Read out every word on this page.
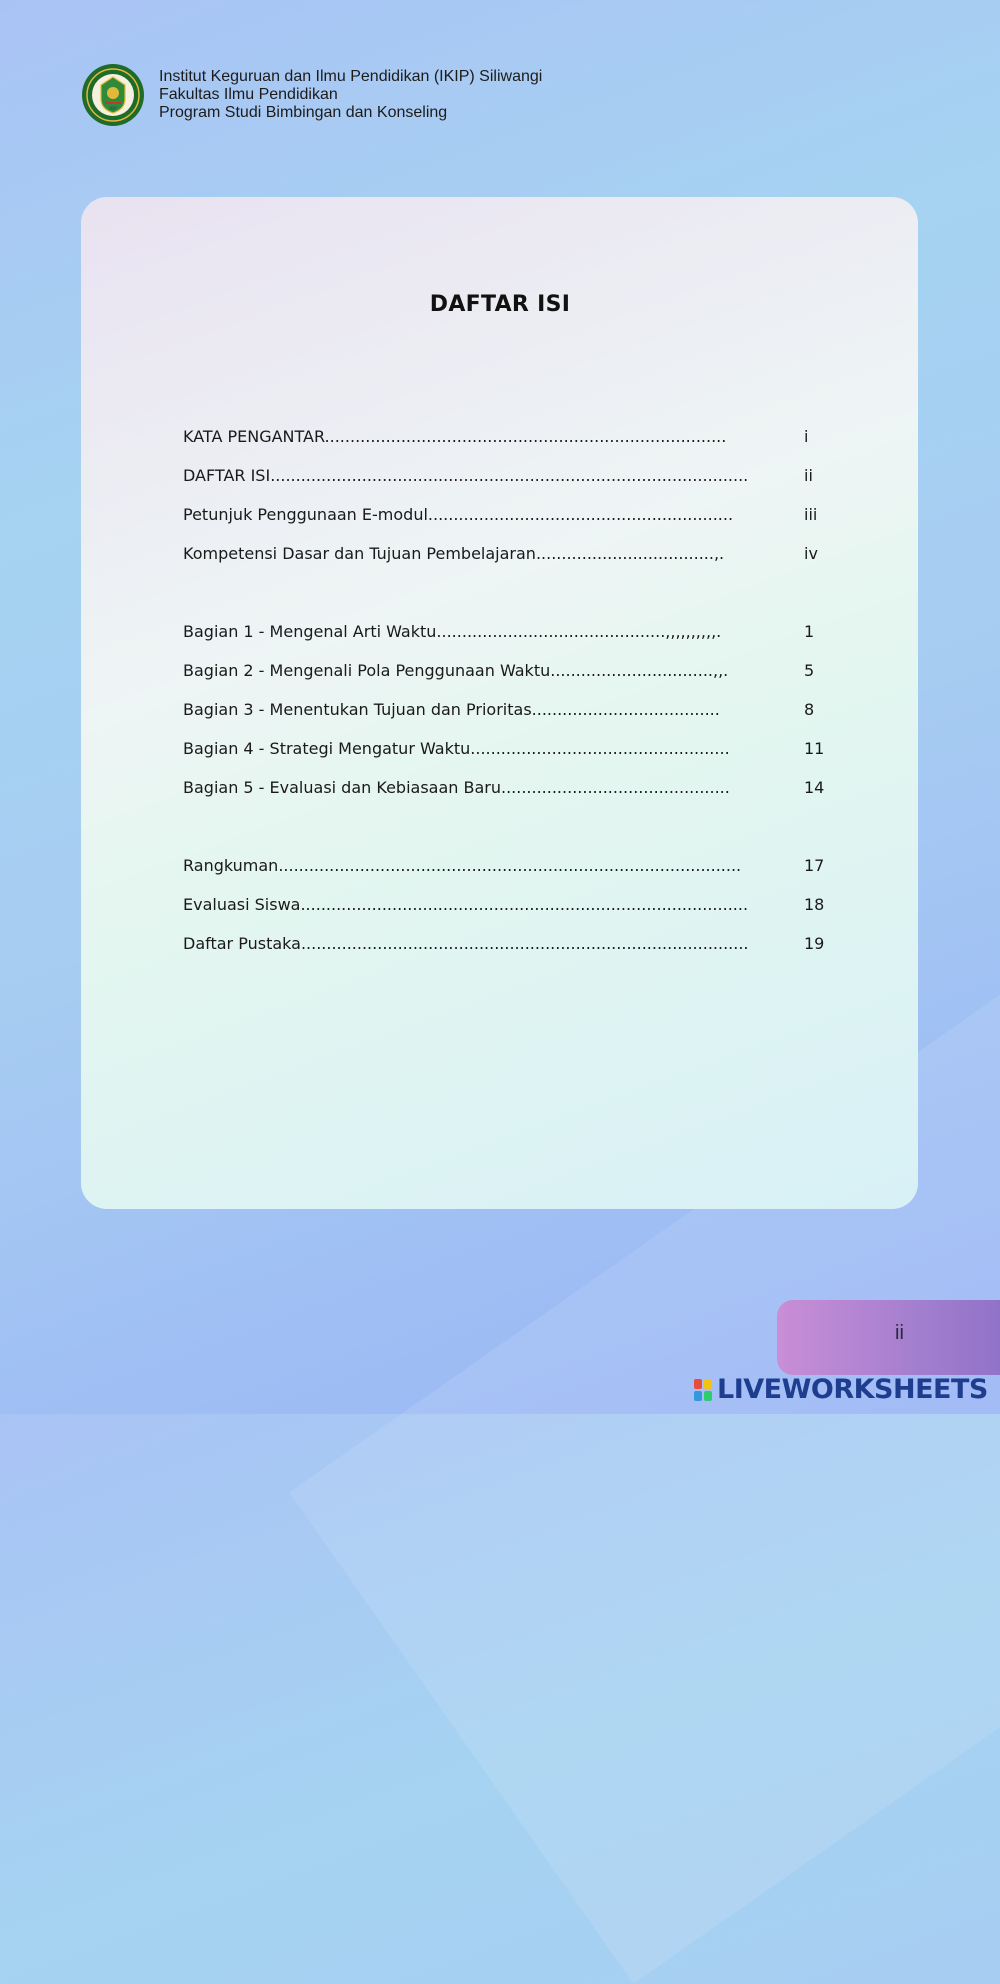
IKIP
Institut Keguruan dan Ilmu Pendidikan (IKIP) Siliwangi
Fakultas Ilmu Pendidikan
Program Studi Bimbingan dan Konseling
DAFTAR ISI
KATA PENGANTAR...............................................................................	i
DAFTAR ISI..............................................................................................	ii
Petunjuk Penggunaan E-modul............................................................	iii
Kompetensi Dasar dan Tujuan Pembelajaran...................................,.	iv
Bagian 1 - Mengenal Arti Waktu.............................................,,,,,,,,,,.	1
Bagian 2 - Mengenali Pola Penggunaan Waktu................................,,.	5
Bagian 3 - Menentukan Tujuan dan Prioritas.....................................	8
Bagian 4 - Strategi Mengatur Waktu...................................................	11
Bagian 5 - Evaluasi dan Kebiasaan Baru.............................................	14
Rangkuman...........................................................................................	17
Evaluasi Siswa........................................................................................	18
Daftar Pustaka........................................................................................	19
ii
LIVEWORKSHEETS
